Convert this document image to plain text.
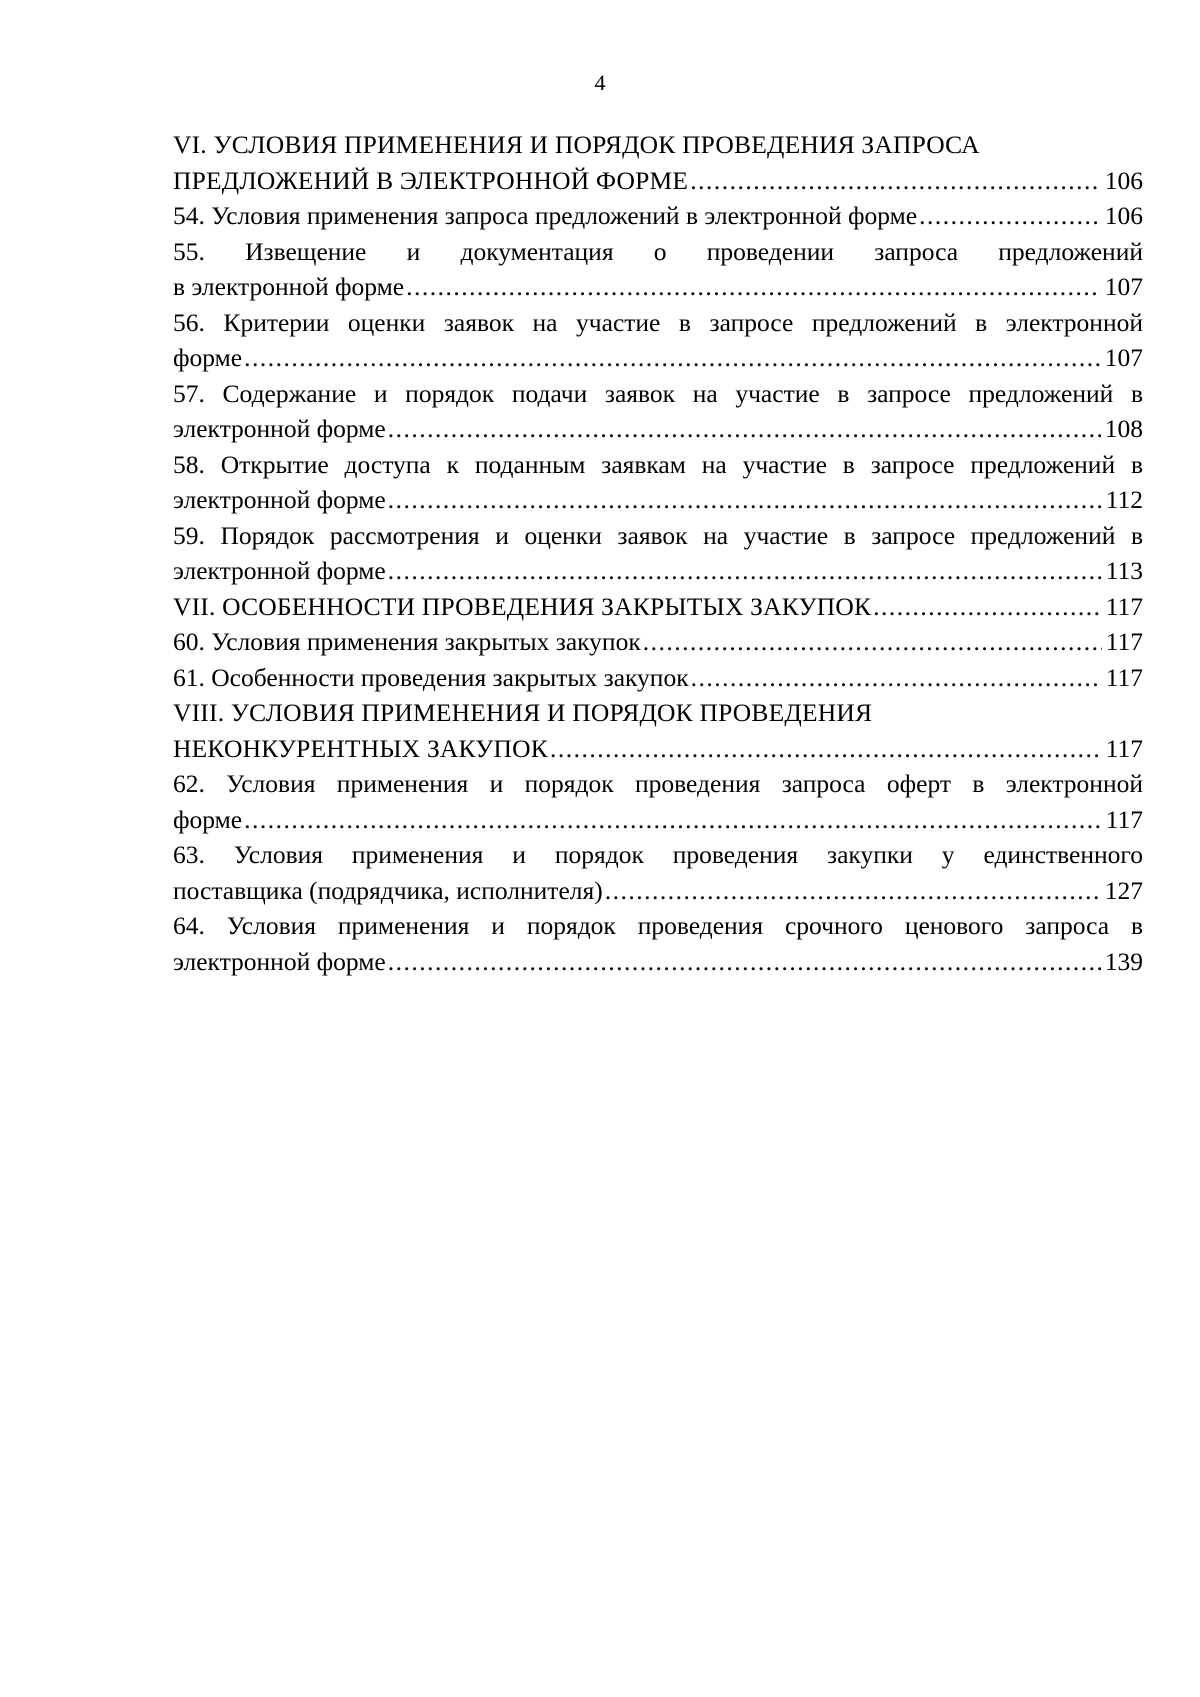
4
VI. УСЛОВИЯ ПРИМЕНЕНИЯ И ПОРЯДОК ПРОВЕДЕНИЯ ЗАПРОСА
ПРЕДЛОЖЕНИЙ В ЭЛЕКТРОННОЙ ФОРМЕ .....	106
54. Условия применения запроса предложений в электронной форме .....	106
55. Извещение и документация о проведении запроса предложений
в электронной форме .....	107
56. Критерии оценки заявок на участие в запросе предложений в электронной
форме .....	107
57. Содержание и порядок подачи заявок на участие в запросе предложений в
электронной форме .....	108
58. Открытие доступа к поданным заявкам на участие в запросе предложений в
электронной форме .....	112
59. Порядок рассмотрения и оценки заявок на участие в запросе предложений в
электронной форме .....	113
VII. ОСОБЕННОСТИ ПРОВЕДЕНИЯ ЗАКРЫТЫХ ЗАКУПОК .....	117
60. Условия применения закрытых закупок .....	117
61. Особенности проведения закрытых закупок .....	117
VIII. УСЛОВИЯ ПРИМЕНЕНИЯ И ПОРЯДОК ПРОВЕДЕНИЯ
НЕКОНКУРЕНТНЫХ ЗАКУПОК .....	117
62. Условия применения и порядок проведения запроса оферт в электронной
форме .....	117
63. Условия применения и порядок проведения закупки у единственного
поставщика (подрядчика, исполнителя) .....	127
64. Условия применения и порядок проведения срочного ценового запроса в
электронной форме .....	139
